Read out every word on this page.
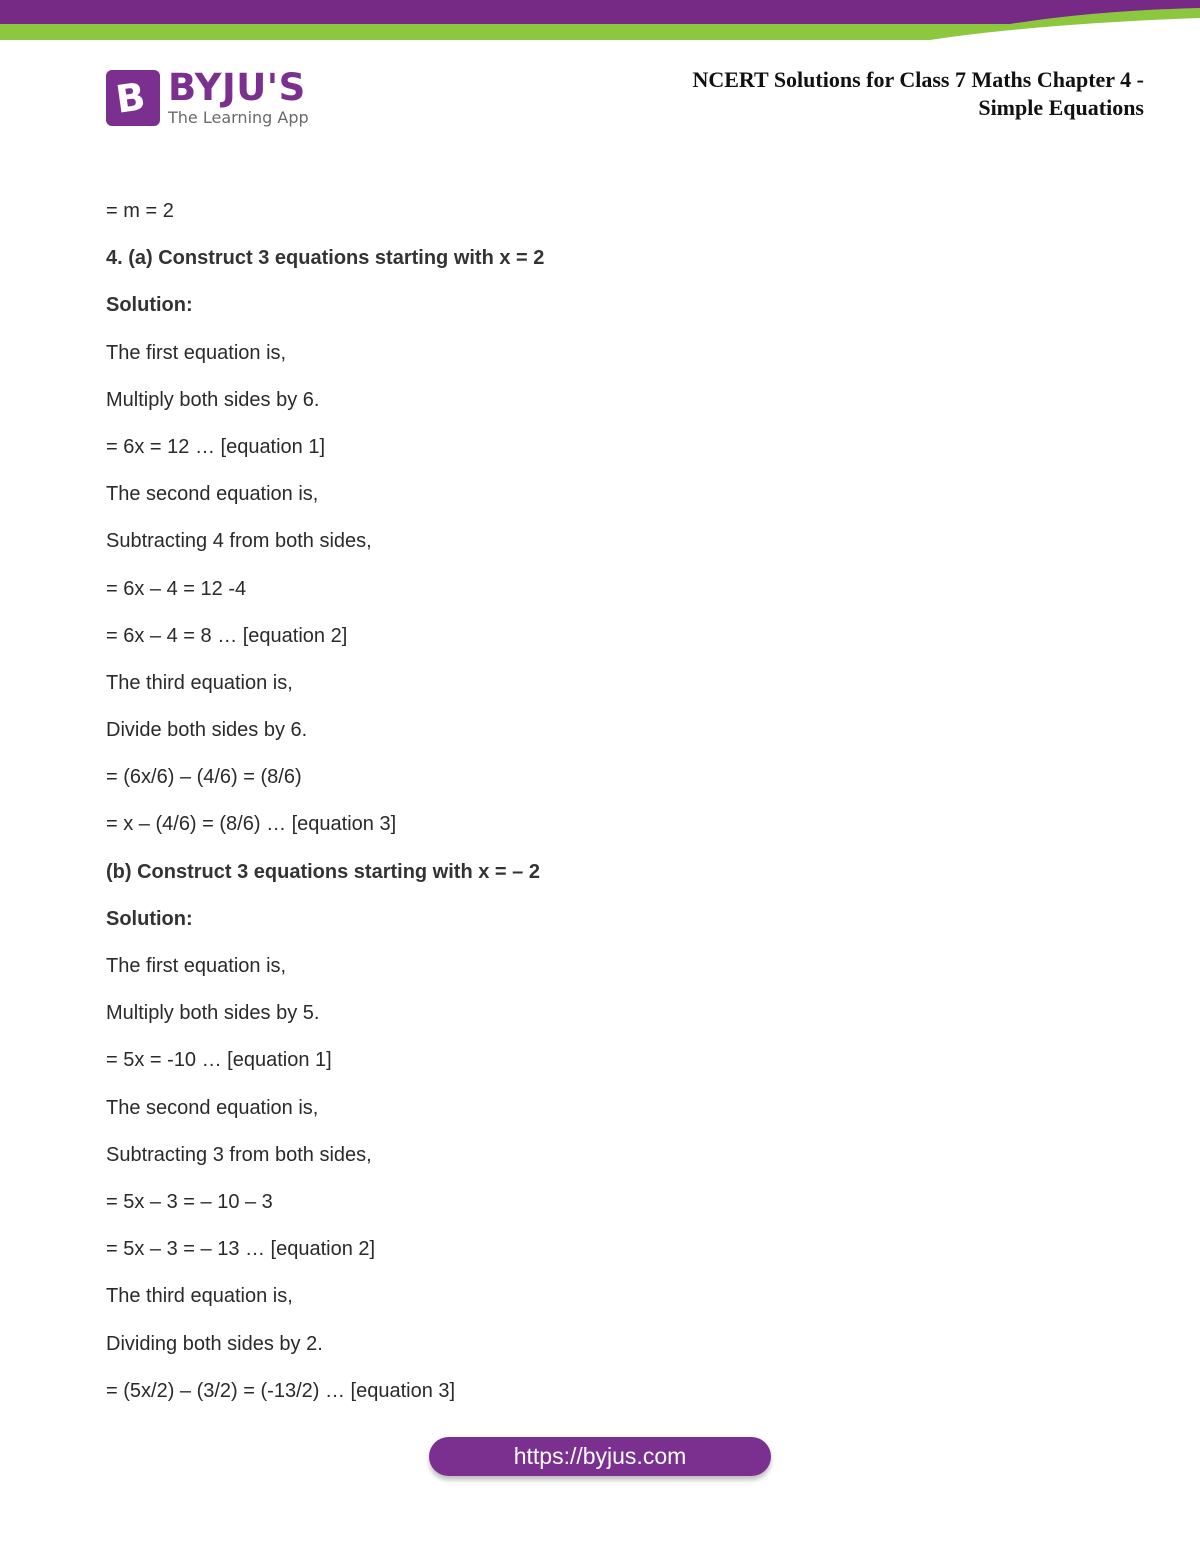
B BYJU'S
The Learning App
NCERT Solutions for Class 7 Maths Chapter 4 -
Simple Equations
= m = 2
4. (a) Construct 3 equations starting with x = 2
Solution:
The first equation is,
Multiply both sides by 6.
= 6x = 12 … [equation 1]
The second equation is,
Subtracting 4 from both sides,
= 6x – 4 = 12 -4
= 6x – 4 = 8 … [equation 2]
The third equation is,
Divide both sides by 6.
= (6x/6) – (4/6) = (8/6)
= x – (4/6) = (8/6) … [equation 3]
(b) Construct 3 equations starting with x = – 2
Solution:
The first equation is,
Multiply both sides by 5.
= 5x = -10 … [equation 1]
The second equation is,
Subtracting 3 from both sides,
= 5x – 3 = – 10 – 3
= 5x – 3 = – 13 … [equation 2]
The third equation is,
Dividing both sides by 2.
= (5x/2) – (3/2) = (-13/2) … [equation 3]
https://byjus.com
